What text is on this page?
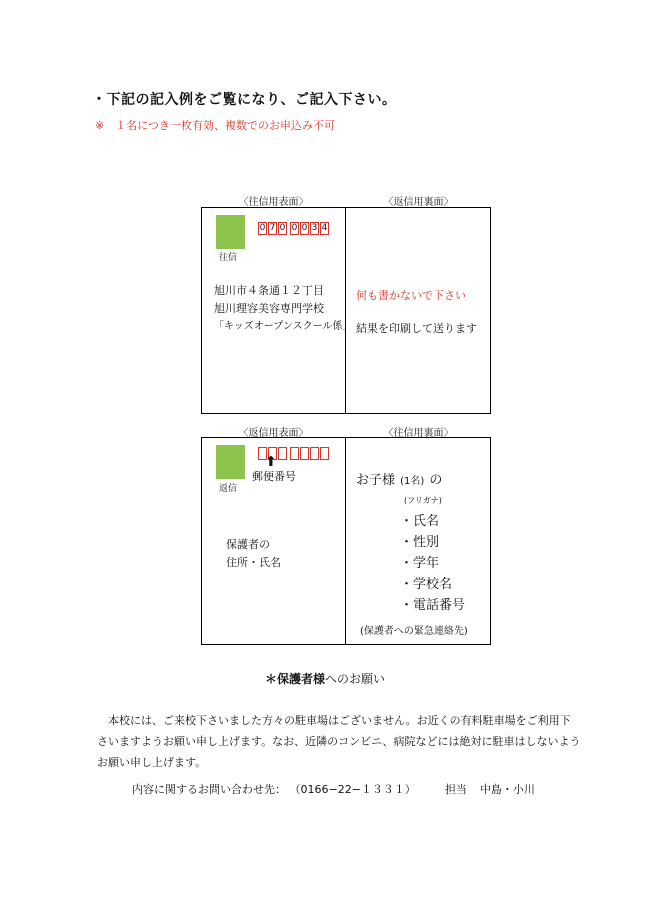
・下記の記入例をご覧になり、ご記入下さい。
※　１名につき一枚有効、複数でのお申込み不可
〈往信用表面〉	〈返信用裏面〉
往信
0 7 0 0 0 3 4
旭川市４条通１２丁目
旭川理容美容専門学校
「キッズオープンスクール係」
何も書かないで下さい
結果を印刷して送ります
〈返信用表面〉	〈往信用裏面〉
返信
⬆
郵便番号
保護者の
住所・氏名
お子様 (1名) の
(フリガナ)
・氏名
・性別
・学年
・学校名
・電話番号
(保護者への緊急連絡先)
＊保護者様へのお願い
　本校には、ご来校下さいました方々の駐車場はございません。お近くの有料駐車場をご利用下
さいますようお願い申し上げます。なお、近隣のコンビニ、病院などには絶対に駐車はしないよう
お願い申し上げます。
内容に関するお問い合わせ先： （0166−22−１３３１）	担当 中島・小川
